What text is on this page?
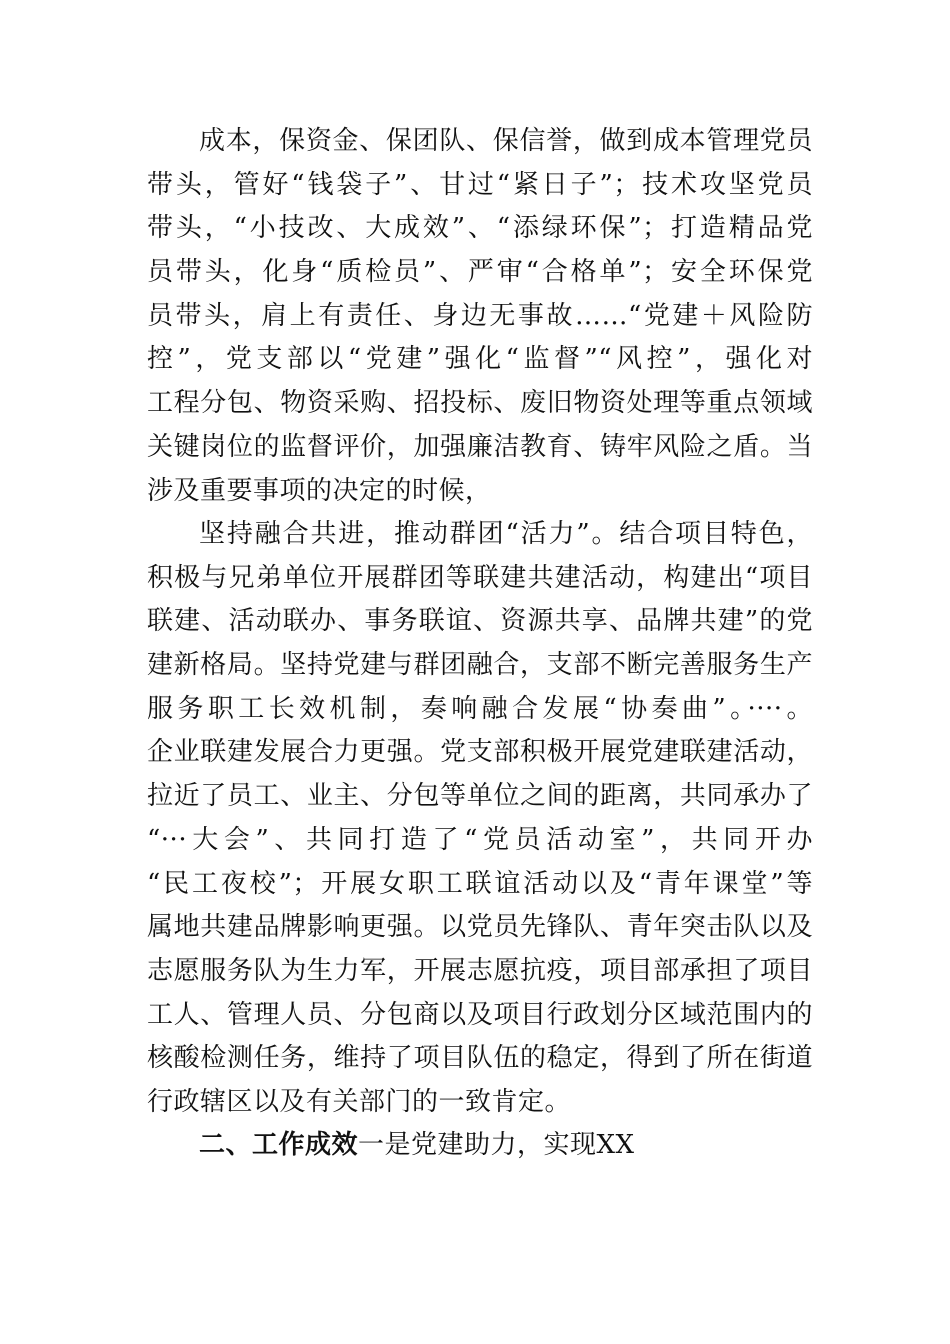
成本，保资金、保团队、保信誉，做到成本管理党员
带头，管好“钱袋子”、甘过“紧日子”；技术攻坚党员
带头，“小技改、大成效”、“添绿环保”；打造精品党
员带头，化身“质检员”、严审“合格单”；安全环保党
员带头，肩上有责任、身边无事故……“党建＋风险防
控”，党支部以“党建”强化“监督”“风控”，强化对
工程分包、物资采购、招投标、废旧物资处理等重点领域
关键岗位的监督评价，加强廉洁教育、铸牢风险之盾。当
涉及重要事项的决定的时候，
坚持融合共进，推动群团“活力”。结合项目特色，
积极与兄弟单位开展群团等联建共建活动，构建出“项目
联建、活动联办、事务联谊、资源共享、品牌共建”的党
建新格局。坚持党建与群团融合，支部不断完善服务生产
服务职工长效机制，奏响融合发展“协奏曲”。····。
企业联建发展合力更强。党支部积极开展党建联建活动，
拉近了员工、业主、分包等单位之间的距离，共同承办了
“···大会”、共同打造了“党员活动室”，共同开办
“民工夜校”；开展女职工联谊活动以及“青年课堂”等
属地共建品牌影响更强。以党员先锋队、青年突击队以及
志愿服务队为生力军，开展志愿抗疫，项目部承担了项目
工人、管理人员、分包商以及项目行政划分区域范围内的
核酸检测任务，维持了项目队伍的稳定，得到了所在街道
行政辖区以及有关部门的一致肯定。
二、工作成效一是党建助力，实现XX
